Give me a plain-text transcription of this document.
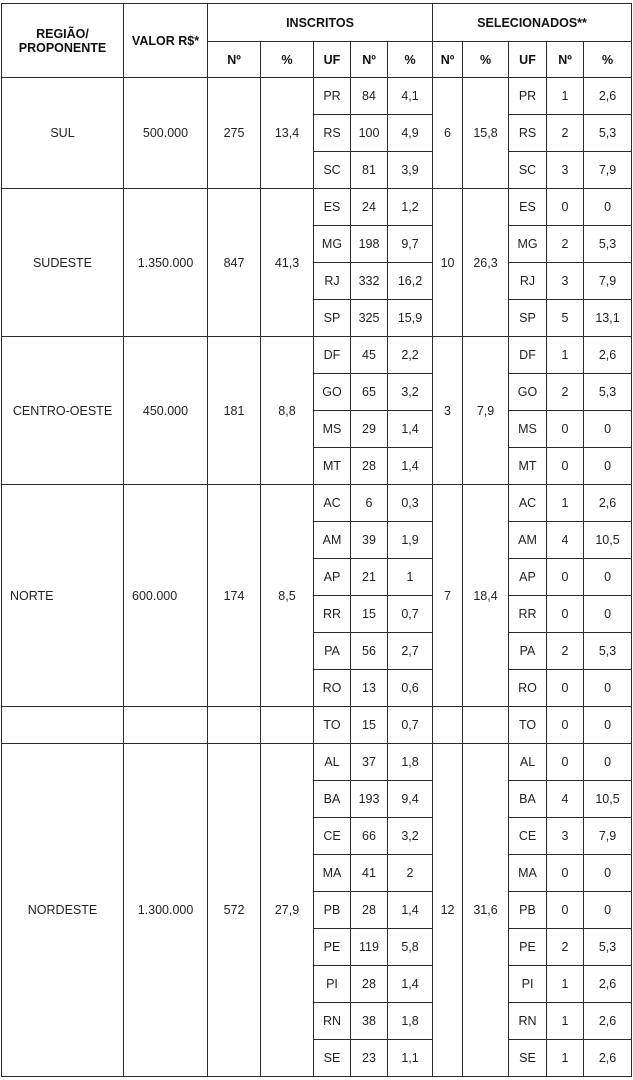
REGIÃO/ PROPONENTE	VALOR R$*	INSCRITOS					SELECIONADOS**				
		Nº	%	UF	Nº	%	Nº	%	UF	Nº	%
SUL	500.000	275	13,4	PR	84	4,1	6	15,8	PR	1	2,6
				RS	100	4,9			RS	2	5,3
				SC	81	3,9			SC	3	7,9
SUDESTE	1.350.000	847	41,3	ES	24	1,2	10	26,3	ES	0	0
				MG	198	9,7			MG	2	5,3
				RJ	332	16,2			RJ	3	7,9
				SP	325	15,9			SP	5	13,1
CENTRO-OESTE	450.000	181	8,8	DF	45	2,2	3	7,9	DF	1	2,6
				GO	65	3,2			GO	2	5,3
				MS	29	1,4			MS	0	0
				MT	28	1,4			MT	0	0
NORTE	600.000	174	8,5	AC	6	0,3	7	18,4	AC	1	2,6
				AM	39	1,9			AM	4	10,5
				AP	21	1			AP	0	0
				RR	15	0,7			RR	0	0
				PA	56	2,7			PA	2	5,3
				RO	13	0,6			RO	0	0
				TO	15	0,7			TO	0	0
NORDESTE	1.300.000	572	27,9	AL	37	1,8	12	31,6	AL	0	0
				BA	193	9,4			BA	4	10,5
				CE	66	3,2			CE	3	7,9
				MA	41	2			MA	0	0
				PB	28	1,4			PB	0	0
				PE	119	5,8			PE	2	5,3
				PI	28	1,4			PI	1	2,6
				RN	38	1,8			RN	1	2,6
				SE	23	1,1			SE	1	2,6
